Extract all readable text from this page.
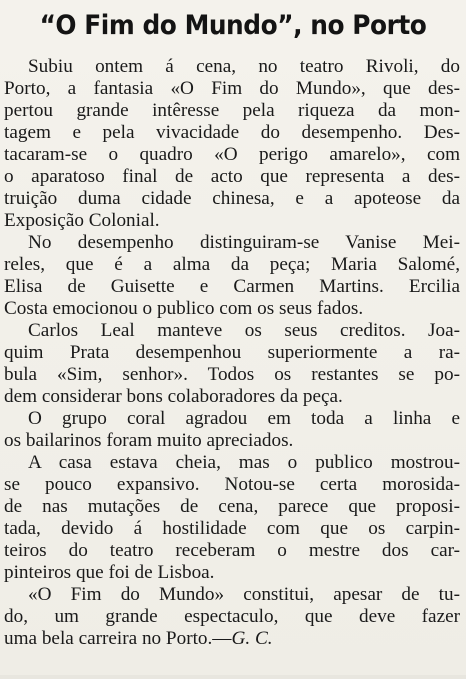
“O Fim do Mundo”, no Porto
Subiu ontem á cena, no teatro Rivoli, do
Porto, a fantasia «O Fim do Mundo», que des-
pertou grande intêresse pela riqueza da mon-
tagem e pela vivacidade do desempenho. Des-
tacaram-se o quadro «O perigo amarelo», com
o aparatoso final de acto que representa a des-
truição duma cidade chinesa, e a apoteose da
Exposição Colonial.
No desempenho distinguiram-se Vanise Mei-
reles, que é a alma da peça; Maria Salomé,
Elisa de Guisette e Carmen Martins. Ercilia
Costa emocionou o publico com os seus fados.
Carlos Leal manteve os seus creditos. Joa-
quim Prata desempenhou superiormente a ra-
bula «Sim, senhor». Todos os restantes se po-
dem considerar bons colaboradores da peça.
O grupo coral agradou em toda a linha e
os bailarinos foram muito apreciados.
A casa estava cheia, mas o publico mostrou-
se pouco expansivo. Notou-se certa morosida-
de nas mutações de cena, parece que proposi-
tada, devido á hostilidade com que os carpin-
teiros do teatro receberam o mestre dos car-
pinteiros que foi de Lisboa.
«O Fim do Mundo» constitui, apesar de tu-
do, um grande espectaculo, que deve fazer
uma bela carreira no Porto.—G. C.
